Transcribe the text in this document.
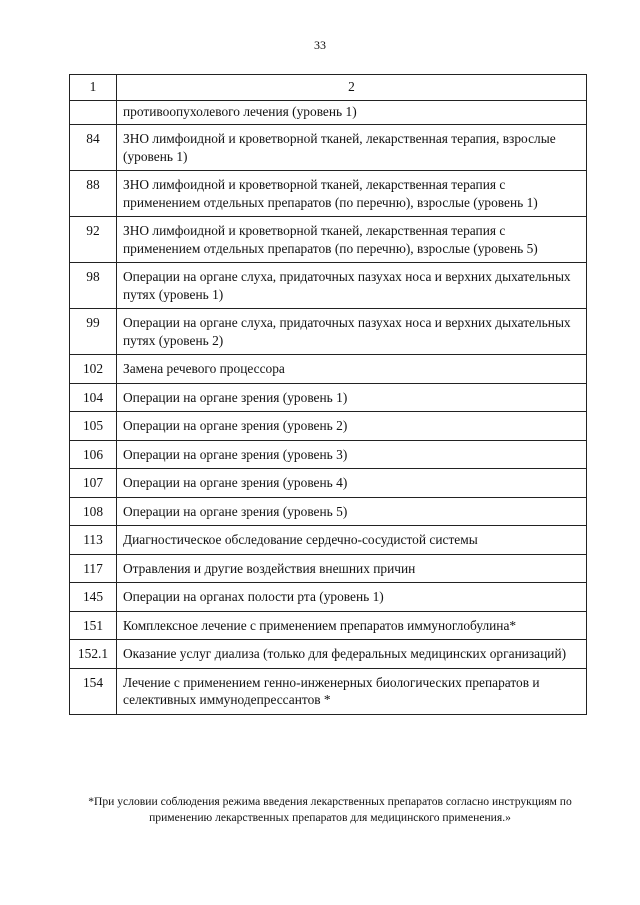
33
1	2
	противоопухолевого лечения (уровень 1)
84	ЗНО лимфоидной и кроветворной тканей, лекарственная терапия, взрослые (уровень 1)
88	ЗНО лимфоидной и кроветворной тканей, лекарственная терапия с применением отдельных препаратов (по перечню), взрослые (уровень 1)
92	ЗНО лимфоидной и кроветворной тканей, лекарственная терапия с применением отдельных препаратов (по перечню), взрослые (уровень 5)
98	Операции на органе слуха, придаточных пазухах носа и верхних дыхательных путях (уровень 1)
99	Операции на органе слуха, придаточных пазухах носа и верхних дыхательных путях (уровень 2)
102	Замена речевого процессора
104	Операции на органе зрения (уровень 1)
105	Операции на органе зрения (уровень 2)
106	Операции на органе зрения (уровень 3)
107	Операции на органе зрения (уровень 4)
108	Операции на органе зрения (уровень 5)
113	Диагностическое обследование сердечно-сосудистой системы
117	Отравления и другие воздействия внешних причин
145	Операции на органах полости рта (уровень 1)
151	Комплексное лечение с применением препаратов иммуноглобулина*
152.1	Оказание услуг диализа (только для федеральных медицинских организаций)
154	Лечение с применением генно-инженерных биологических препаратов и селективных иммунодепрессантов *
*При условии соблюдения режима введения лекарственных препаратов согласно инструкциям по применению лекарственных препаратов для медицинского применения.»
